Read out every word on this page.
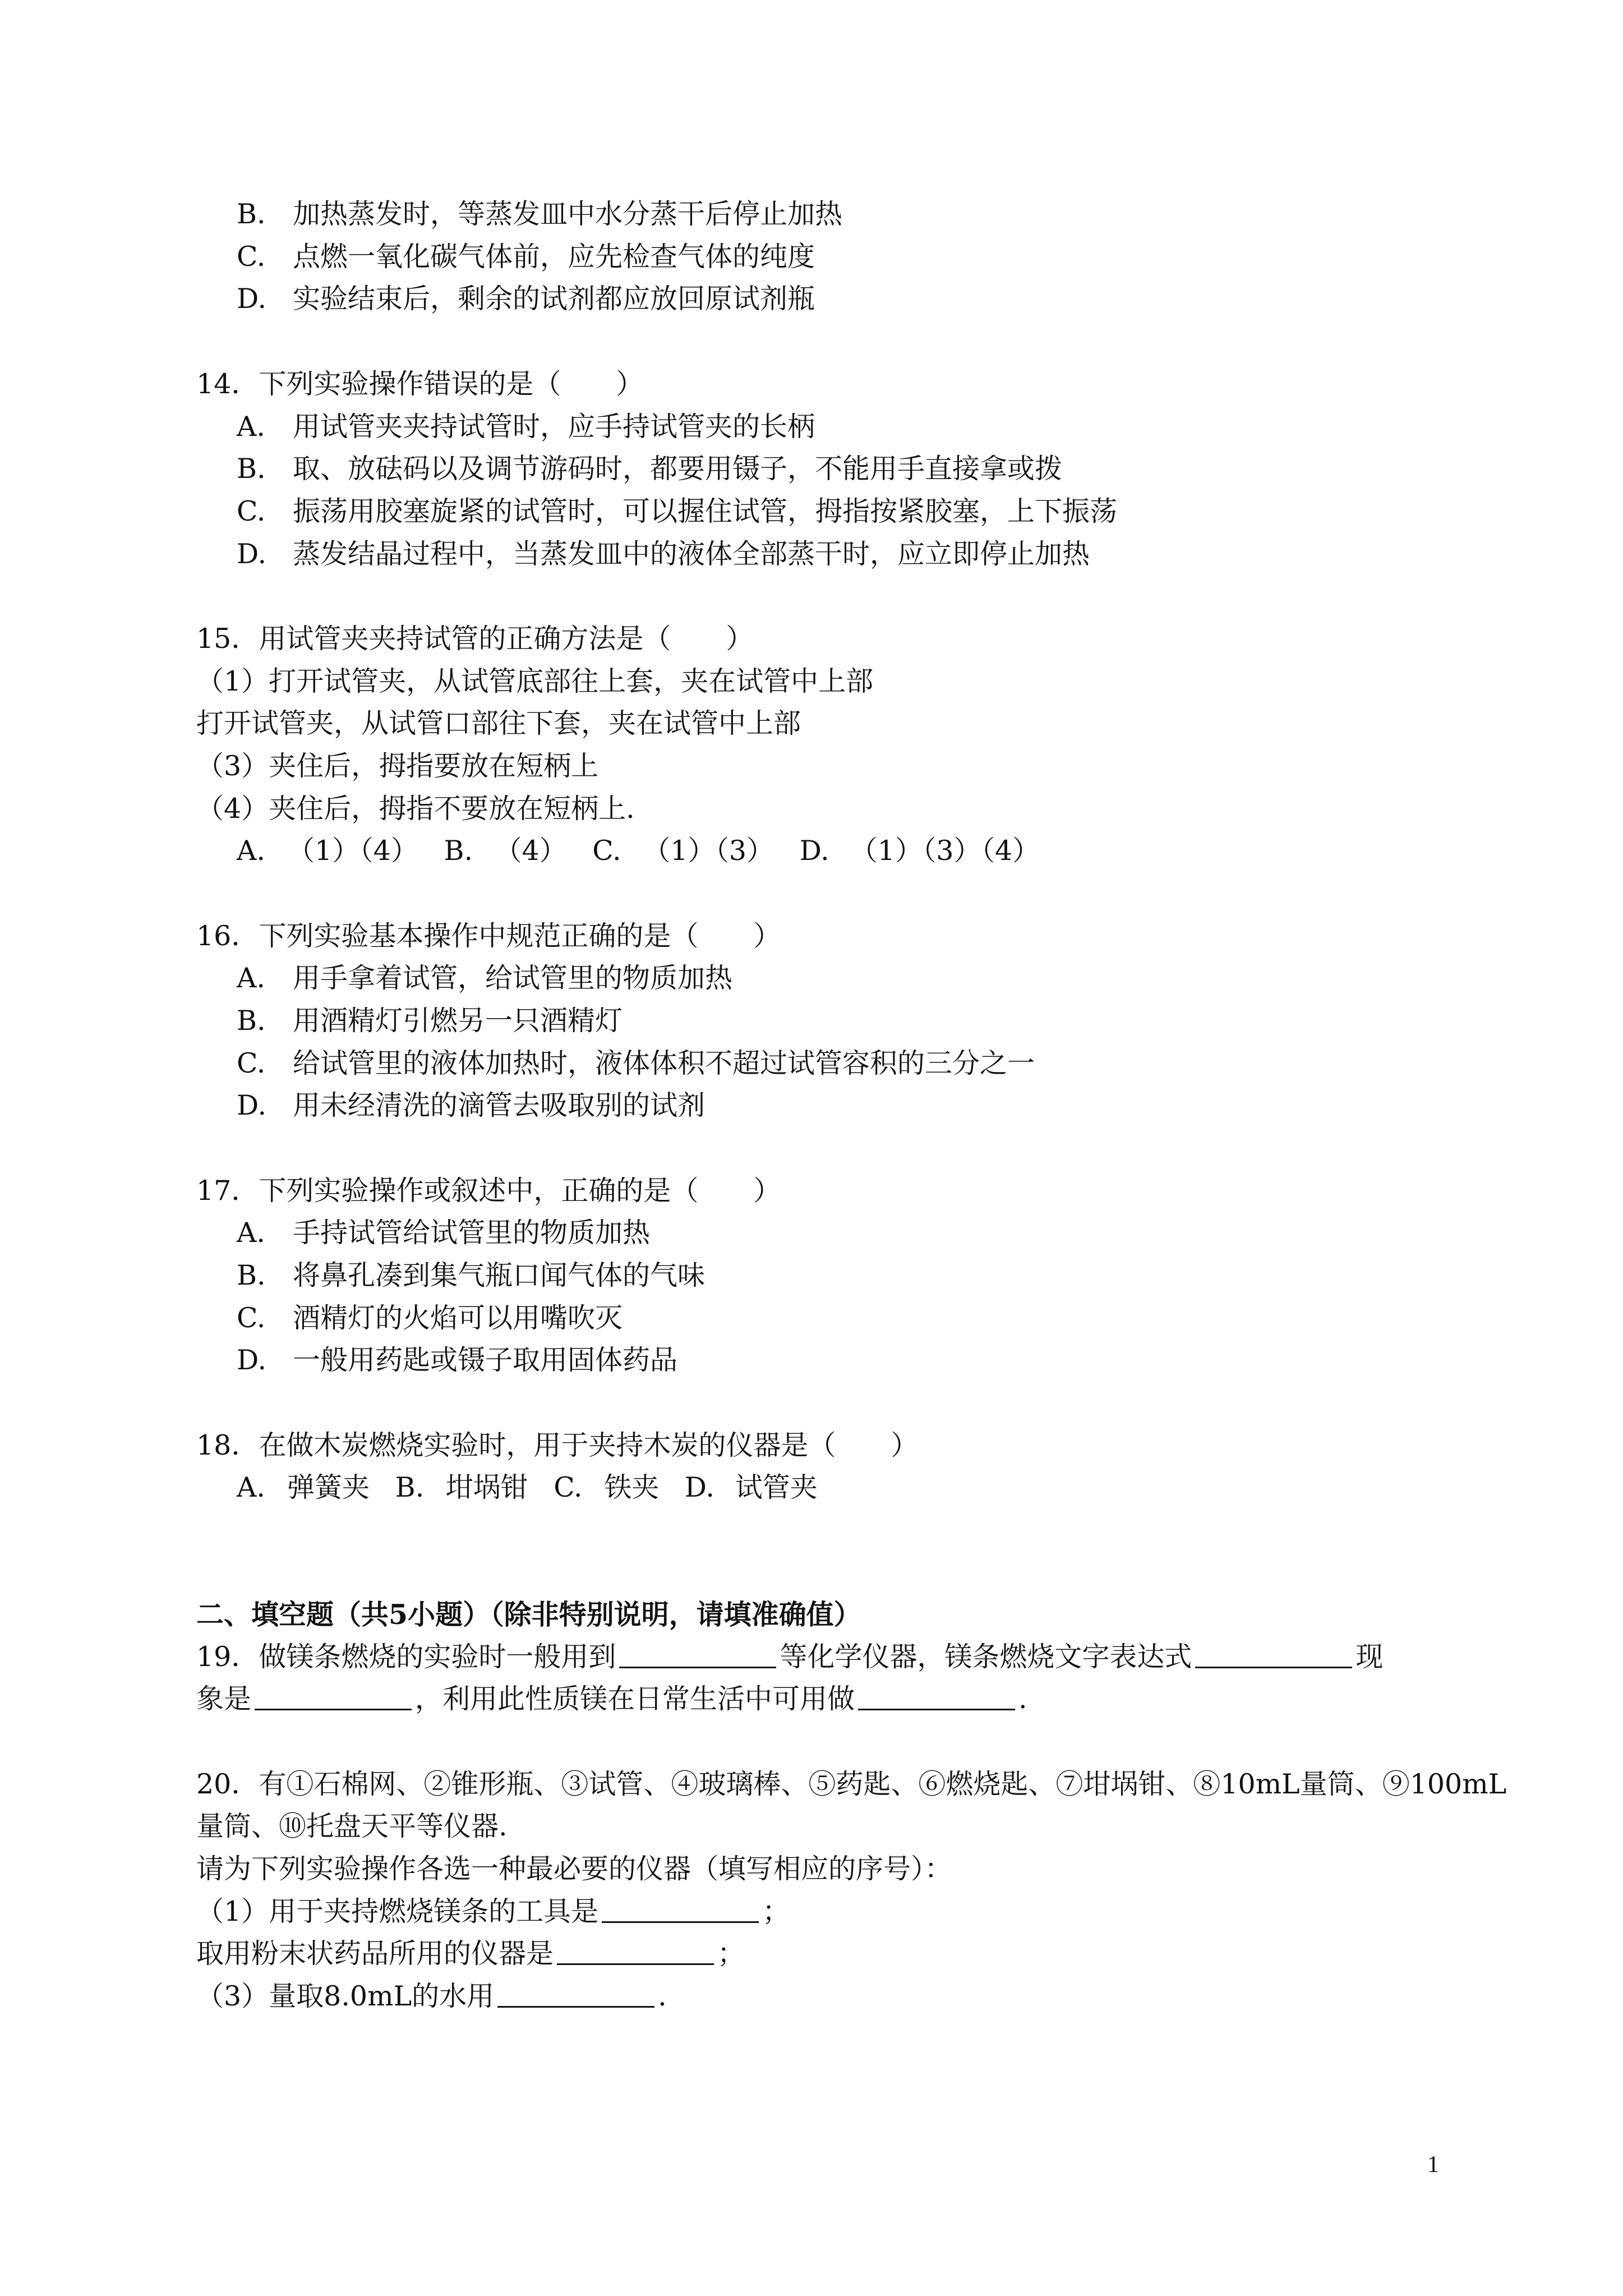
B. 加热蒸发时，等蒸发皿中水分蒸干后停止加热
C. 点燃一氧化碳气体前，应先检查气体的纯度
D. 实验结束后，剩余的试剂都应放回原试剂瓶
14．下列实验操作错误的是（　　）
A. 用试管夹夹持试管时，应手持试管夹的长柄
B. 取、放砝码以及调节游码时，都要用镊子，不能用手直接拿或拨
C. 振荡用胶塞旋紧的试管时，可以握住试管，拇指按紧胶塞，上下振荡
D. 蒸发结晶过程中，当蒸发皿中的液体全部蒸干时，应立即停止加热
15．用试管夹夹持试管的正确方法是（　　）
（1）打开试管夹，从试管底部往上套，夹在试管中上部
打开试管夹，从试管口部往下套，夹在试管中上部
（3）夹住后，拇指要放在短柄上
（4）夹住后，拇指不要放在短柄上.
A. （1）（4） B. （4） C. （1）（3） D. （1）（3）（4）
16．下列实验基本操作中规范正确的是（　　）
A. 用手拿着试管，给试管里的物质加热
B. 用酒精灯引燃另一只酒精灯
C. 给试管里的液体加热时，液体体积不超过试管容积的三分之一
D. 用未经清洗的滴管去吸取别的试剂
17．下列实验操作或叙述中，正确的是（　　）
A. 手持试管给试管里的物质加热
B. 将鼻孔凑到集气瓶口闻气体的气味
C. 酒精灯的火焰可以用嘴吹灭
D. 一般用药匙或镊子取用固体药品
18．在做木炭燃烧实验时，用于夹持木炭的仪器是（　　）
A. 弹簧夹 B. 坩埚钳 C. 铁夹 D. 试管夹
二、填空题（共5小题）（除非特别说明，请填准确值）
19．做镁条燃烧的实验时一般用到	等化学仪器，镁条燃烧文字表达式	现
象是	，利用此性质镁在日常生活中可用做	.
20．有①石棉网、②锥形瓶、③试管、④玻璃棒、⑤药匙、⑥燃烧匙、⑦坩埚钳、⑧10mL量筒、⑨100mL
量筒、⑩托盘天平等仪器.
请为下列实验操作各选一种最必要的仪器（填写相应的序号）：
（1）用于夹持燃烧镁条的工具是	；
取用粉末状药品所用的仪器是	；
（3）量取8.0mL的水用	.
1
